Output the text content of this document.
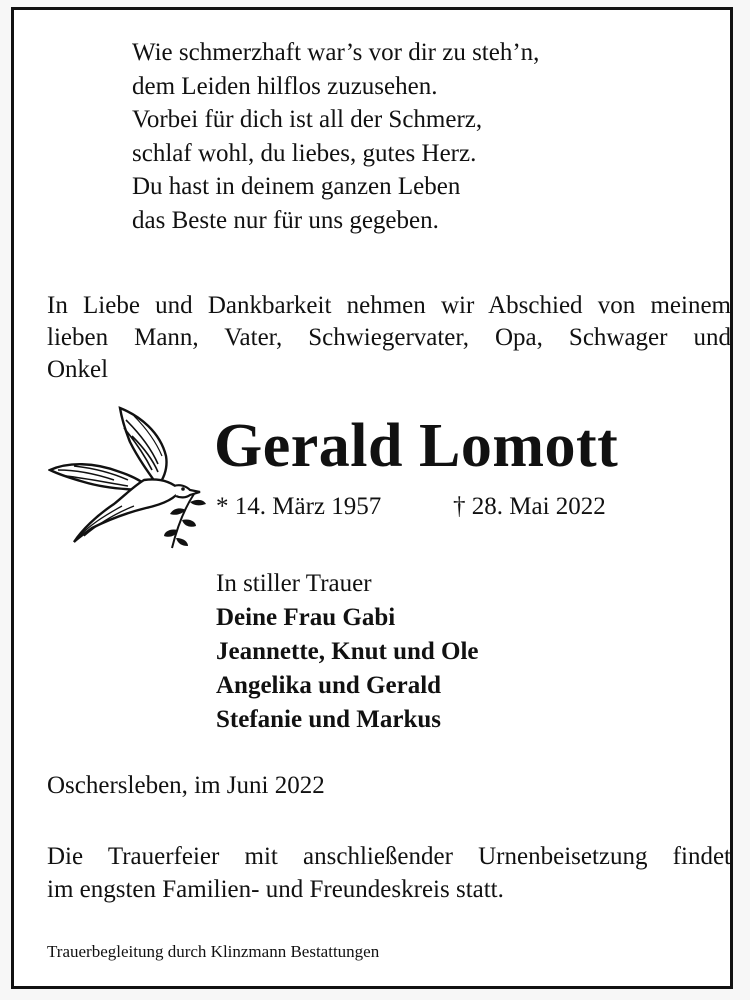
Wie schmerzhaft war’s vor dir zu steh’n,
dem Leiden hilflos zuzusehen.
Vorbei für dich ist all der Schmerz,
schlaf wohl, du liebes, gutes Herz.
Du hast in deinem ganzen Leben
das Beste nur für uns gegeben.
In Liebe und Dankbarkeit nehmen wir Abschied von meinem
lieben Mann, Vater, Schwiegervater, Opa, Schwager und
Onkel
Gerald Lomott
* 14. März 1957	† 28. Mai 2022
In stiller Trauer
Deine Frau Gabi
Jeannette, Knut und Ole
Angelika und Gerald
Stefanie und Markus
Oschersleben, im Juni 2022
Die Trauerfeier mit anschließender Urnenbeisetzung findet
im engsten Familien- und Freundeskreis statt.
Trauerbegleitung durch Klinzmann Bestattungen
